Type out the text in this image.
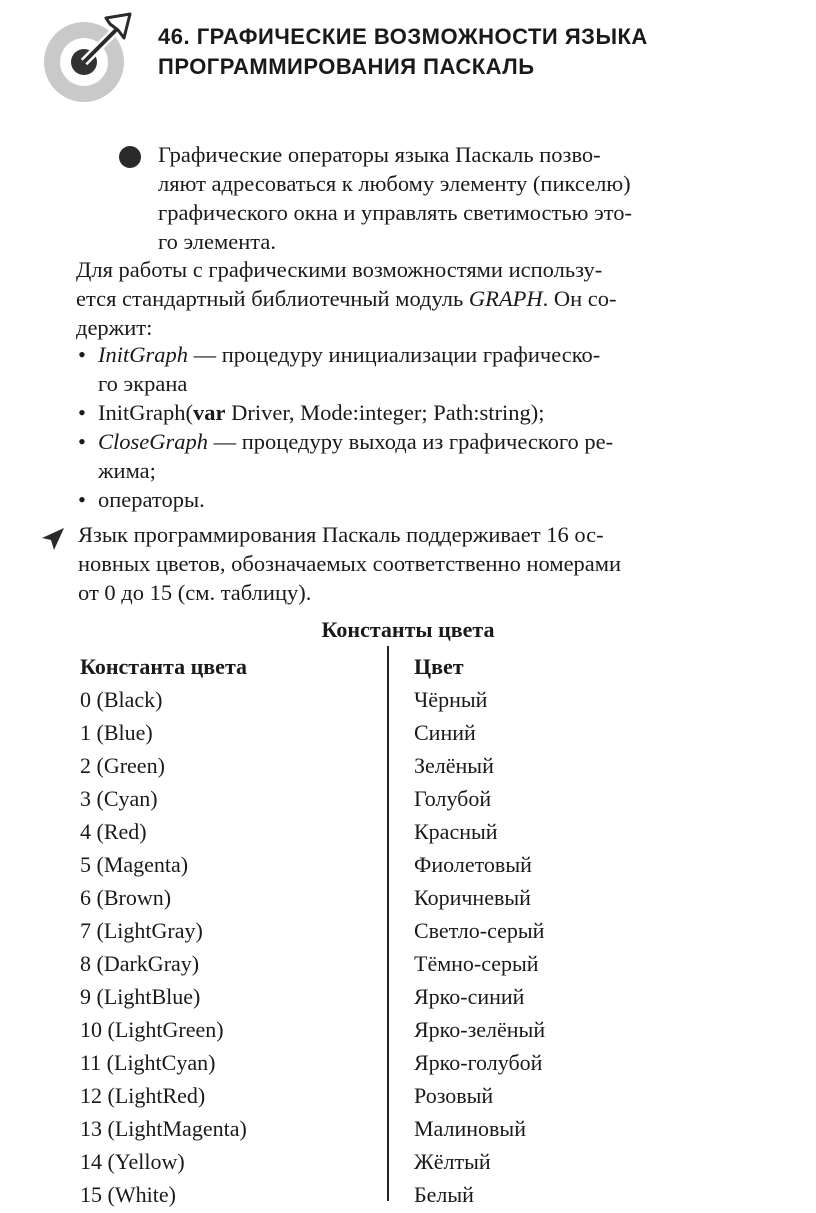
46. ГРАФИЧЕСКИЕ ВОЗМОЖНОСТИ ЯЗЫКА
ПРОГРАММИРОВАНИЯ ПАСКАЛЬ
Графические операторы языка Паскаль позво-
ляют адресоваться к любому элементу (пикселю)
графического окна и управлять светимостью это-
го элемента.
Для работы с графическими возможностями использу-
ется стандартный библиотечный модуль GRAPH. Он со-
держит:
• InitGraph — процедуру инициализации графическо-
го экрана
• InitGraph(var Driver, Mode:integer; Path:string);
• CloseGraph — процедуру выхода из графического ре-
жима;
• операторы.
Язык программирования Паскаль поддерживает 16 ос-
новных цветов, обозначаемых соответственно номерами
от 0 до 15 (см. таблицу).
Константы цвета
Константа цвета	Цвет
0 (Black)	Чёрный
1 (Blue)	Синий
2 (Green)	Зелёный
3 (Cyan)	Голубой
4 (Red)	Красный
5 (Magenta)	Фиолетовый
6 (Brown)	Коричневый
7 (LightGray)	Светло-серый
8 (DarkGray)	Тёмно-серый
9 (LightBlue)	Ярко-синий
10 (LightGreen)	Ярко-зелёный
11 (LightCyan)	Ярко-голубой
12 (LightRed)	Розовый
13 (LightMagenta)	Малиновый
14 (Yellow)	Жёлтый
15 (White)	Белый
